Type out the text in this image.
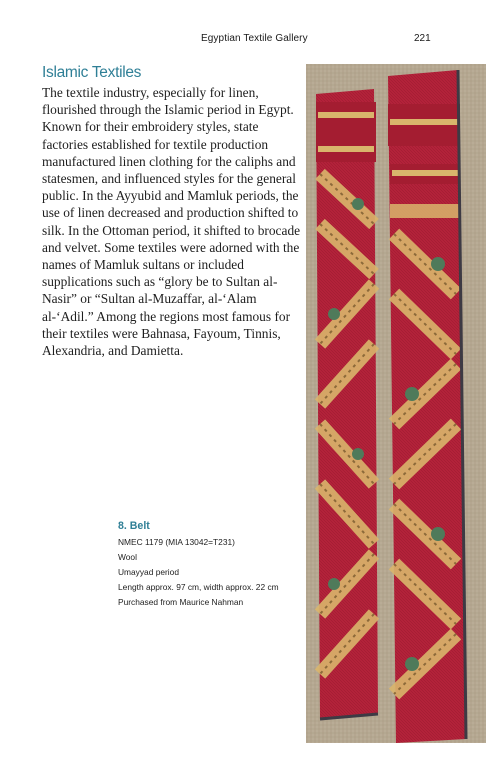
Egyptian Textile Gallery	221
Islamic Textiles

The textile industry, especially for linen, flourished through the Islamic period in Egypt. Known for their embroidery styles, state factories established for textile production manufactured linen clothing for the caliphs and statesmen, and influenced styles for the general public. In the Ayyubid and Mamluk periods, the use of linen decreased and production shifted to silk. In the Ottoman period, it shifted to brocade and velvet. Some textiles were adorned with the names of Mamluk sultans or included supplications such as “glory be to Sultan al-Nasir” or “Sultan al-Muzaffar, al-‘Alam al-‘Adil.” Among the regions most famous for their textiles were Bahnasa, Fayoum, Tinnis, Alexandria, and Damietta.

8. Belt
NMEC 1179 (MIA 13042=T231)
Wool
Umayyad period
Length approx. 97 cm, width approx. 22 cm
Purchased from Maurice Nahman
